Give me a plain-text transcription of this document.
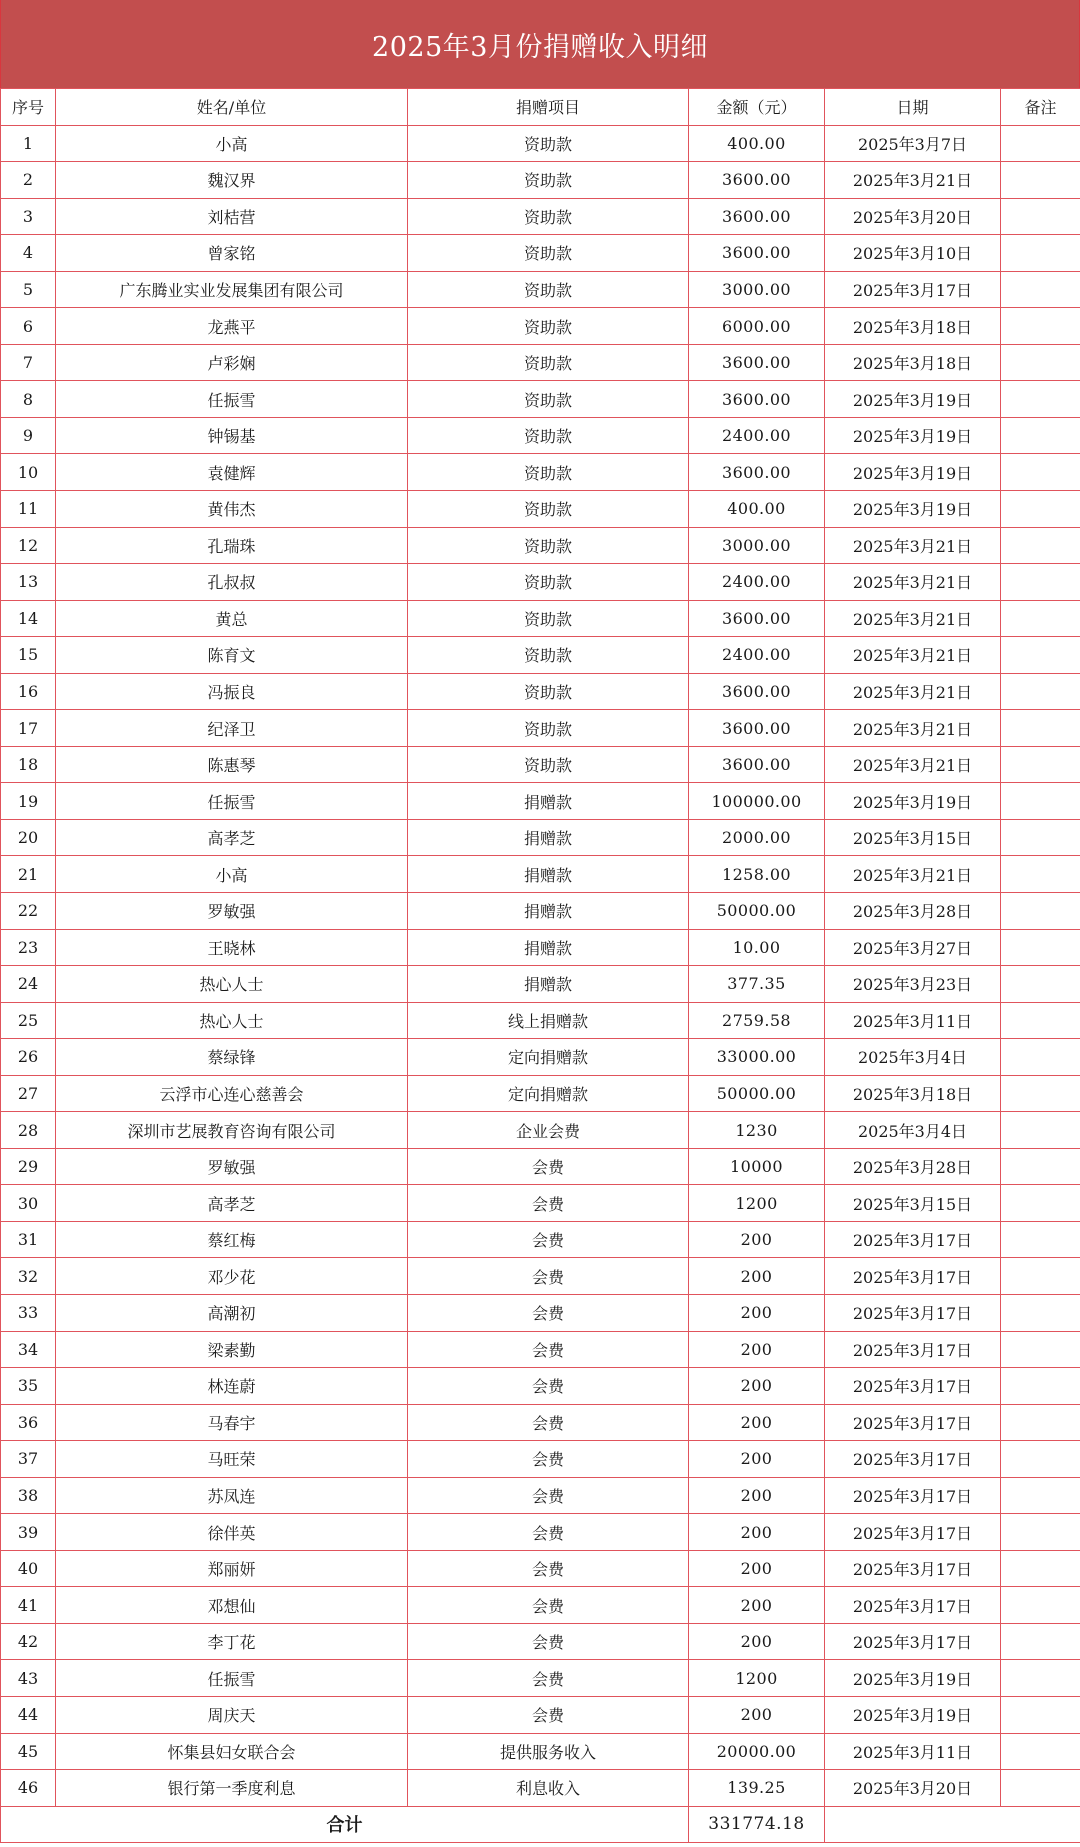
2025年3月份捐赠收入明细
序号	姓名/单位	捐赠项目	金额（元）	日期	备注
1	小高	资助款	400.00	2025年3月7日	
2	魏汉界	资助款	3600.00	2025年3月21日	
3	刘桔营	资助款	3600.00	2025年3月20日	
4	曾家铭	资助款	3600.00	2025年3月10日	
5	广东腾业实业发展集团有限公司	资助款	3000.00	2025年3月17日	
6	龙燕平	资助款	6000.00	2025年3月18日	
7	卢彩娴	资助款	3600.00	2025年3月18日	
8	任振雪	资助款	3600.00	2025年3月19日	
9	钟锡基	资助款	2400.00	2025年3月19日	
10	袁健辉	资助款	3600.00	2025年3月19日	
11	黄伟杰	资助款	400.00	2025年3月19日	
12	孔瑞珠	资助款	3000.00	2025年3月21日	
13	孔叔叔	资助款	2400.00	2025年3月21日	
14	黄总	资助款	3600.00	2025年3月21日	
15	陈育文	资助款	2400.00	2025年3月21日	
16	冯振良	资助款	3600.00	2025年3月21日	
17	纪泽卫	资助款	3600.00	2025年3月21日	
18	陈惠琴	资助款	3600.00	2025年3月21日	
19	任振雪	捐赠款	100000.00	2025年3月19日	
20	高孝芝	捐赠款	2000.00	2025年3月15日	
21	小高	捐赠款	1258.00	2025年3月21日	
22	罗敏强	捐赠款	50000.00	2025年3月28日	
23	王晓林	捐赠款	10.00	2025年3月27日	
24	热心人士	捐赠款	377.35	2025年3月23日	
25	热心人士	线上捐赠款	2759.58	2025年3月11日	
26	蔡绿锋	定向捐赠款	33000.00	2025年3月4日	
27	云浮市心连心慈善会	定向捐赠款	50000.00	2025年3月18日	
28	深圳市艺展教育咨询有限公司	企业会费	1230	2025年3月4日	
29	罗敏强	会费	10000	2025年3月28日	
30	高孝芝	会费	1200	2025年3月15日	
31	蔡红梅	会费	200	2025年3月17日	
32	邓少花	会费	200	2025年3月17日	
33	高潮初	会费	200	2025年3月17日	
34	梁素勤	会费	200	2025年3月17日	
35	林连蔚	会费	200	2025年3月17日	
36	马春宇	会费	200	2025年3月17日	
37	马旺荣	会费	200	2025年3月17日	
38	苏凤连	会费	200	2025年3月17日	
39	徐伴英	会费	200	2025年3月17日	
40	郑丽妍	会费	200	2025年3月17日	
41	邓想仙	会费	200	2025年3月17日	
42	李丁花	会费	200	2025年3月17日	
43	任振雪	会费	1200	2025年3月19日	
44	周庆天	会费	200	2025年3月19日	
45	怀集县妇女联合会	提供服务收入	20000.00	2025年3月11日	
46	银行第一季度利息	利息收入	139.25	2025年3月20日	
合计			331774.18		
